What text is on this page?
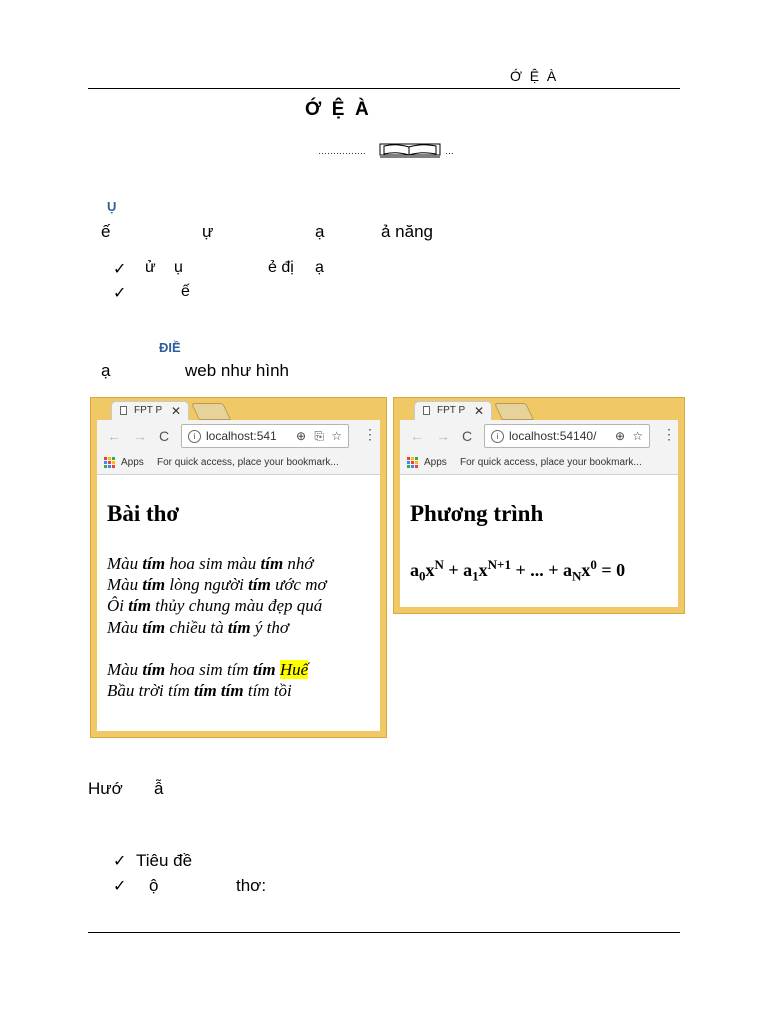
Ớ  Ệ  À
Ớ  Ệ  À
…………….	…
Ụ
ế	ự	ạ	ả năng
✓ ử ụ	ẻ đị ạ
✓	ế
ĐIỀ
ạ	web như hình
FPT P ✕
← → C	i localhost:541 ⊕ ⎘ ☆ ⋮
Apps For quick access, place your bookmark...
Bài thơ
Màu tím hoa sim màu tím nhớ
Màu tím lòng người tím ước mơ
Ôi tím thủy chung màu đẹp quá
Màu tím chiều tà tím ý thơ
Màu tím hoa sim tím tím Huế
Bầu trời tím tím tím tím tồi
FPT P ✕
← → C	i localhost:54140/ ⊕ ☆ ⋮
Apps For quick access, place your bookmark...
Phương trình
$a_0x^N + a_1x^{N+1}$ + ... + $a_Nx^0 = 0$
Hướ ẫ
✓ Tiêu đề
✓ ộ	thơ:
